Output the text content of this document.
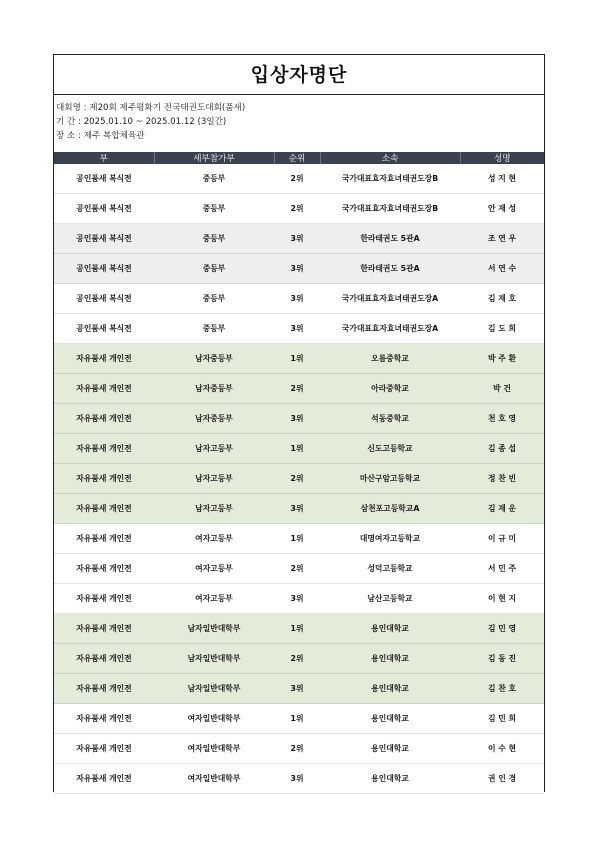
입상자명단
대회명 : 제20회 제주평화기 전국태권도대회(품새)
기 간 : 2025.01.10 ~ 2025.01.12 (3일간)
장 소 : 제주 복합체육관
부	세부참가부	순위	소속	성명
공인품새 복식전	중등부	2위	국가대표효자효녀태권도장B	성 지 현
공인품새 복식전	중등부	2위	국가대표효자효녀태권도장B	안 재 성
공인품새 복식전	중등부	3위	한라태권도 5관A	조 연 우
공인품새 복식전	중등부	3위	한라태권도 5관A	서 연 수
공인품새 복식전	중등부	3위	국가대표효자효녀태권도장A	김 재 호
공인품새 복식전	중등부	3위	국가대표효자효녀태권도장A	김 도 희
자유품새 개인전	남자중등부	1위	오름중학교	박 주 환
자유품새 개인전	남자중등부	2위	아라중학교	박 건
자유품새 개인전	남자중등부	3위	석동중학교	천 호 영
자유품새 개인전	남자고등부	1위	신도고등학교	김 종 섭
자유품새 개인전	남자고등부	2위	마산구암고등학교	정 찬 빈
자유품새 개인전	남자고등부	3위	삼천포고등학교A	김 재 운
자유품새 개인전	여자고등부	1위	대명여자고등학교	이 규 미
자유품새 개인전	여자고등부	2위	성덕고등학교	서 민 주
자유품새 개인전	여자고등부	3위	남산고등학교	이 현 지
자유품새 개인전	남자일반대학부	1위	용인대학교	김 민 영
자유품새 개인전	남자일반대학부	2위	용인대학교	김 동 진
자유품새 개인전	남자일반대학부	3위	용인대학교	김 찬 호
자유품새 개인전	여자일반대학부	1위	용인대학교	김 민 희
자유품새 개인전	여자일반대학부	2위	용인대학교	이 수 현
자유품새 개인전	여자일반대학부	3위	용인대학교	권 인 경
